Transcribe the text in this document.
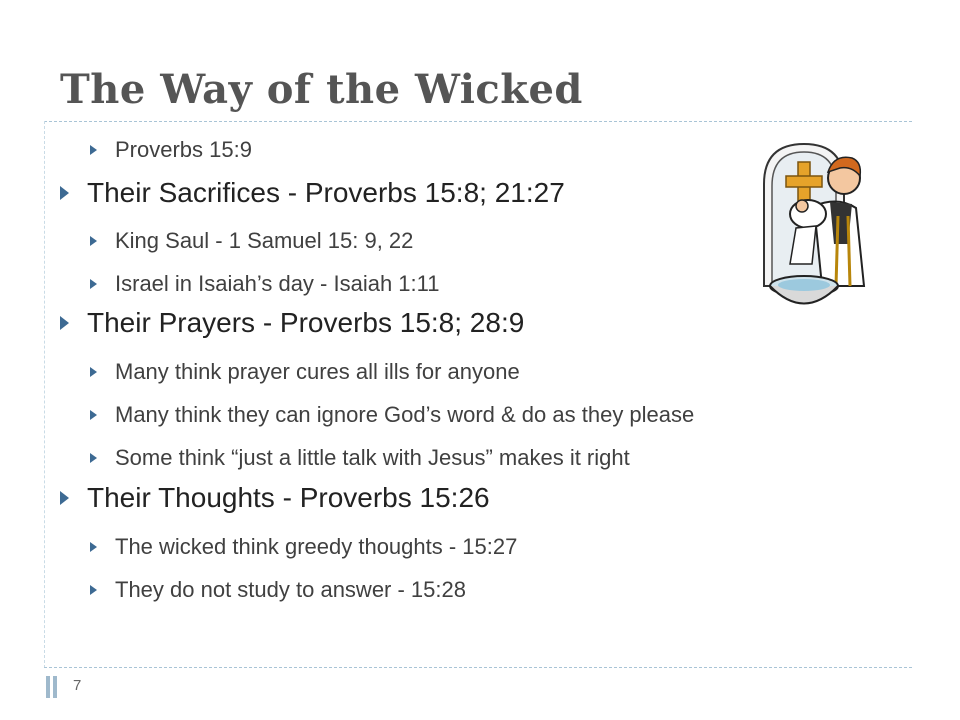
The Way of the Wicked
Proverbs 15:9
Their Sacrifices - Proverbs 15:8; 21:27
King Saul - 1 Samuel 15: 9, 22
Israel in Isaiah’s day - Isaiah 1:11
Their Prayers - Proverbs 15:8; 28:9
Many think prayer cures all ills for anyone
Many think they can ignore God’s word & do as they please
Some think “just a little talk with Jesus” makes it right
Their Thoughts - Proverbs 15:26
The wicked think greedy thoughts - 15:27
They do not study to answer - 15:28
7
